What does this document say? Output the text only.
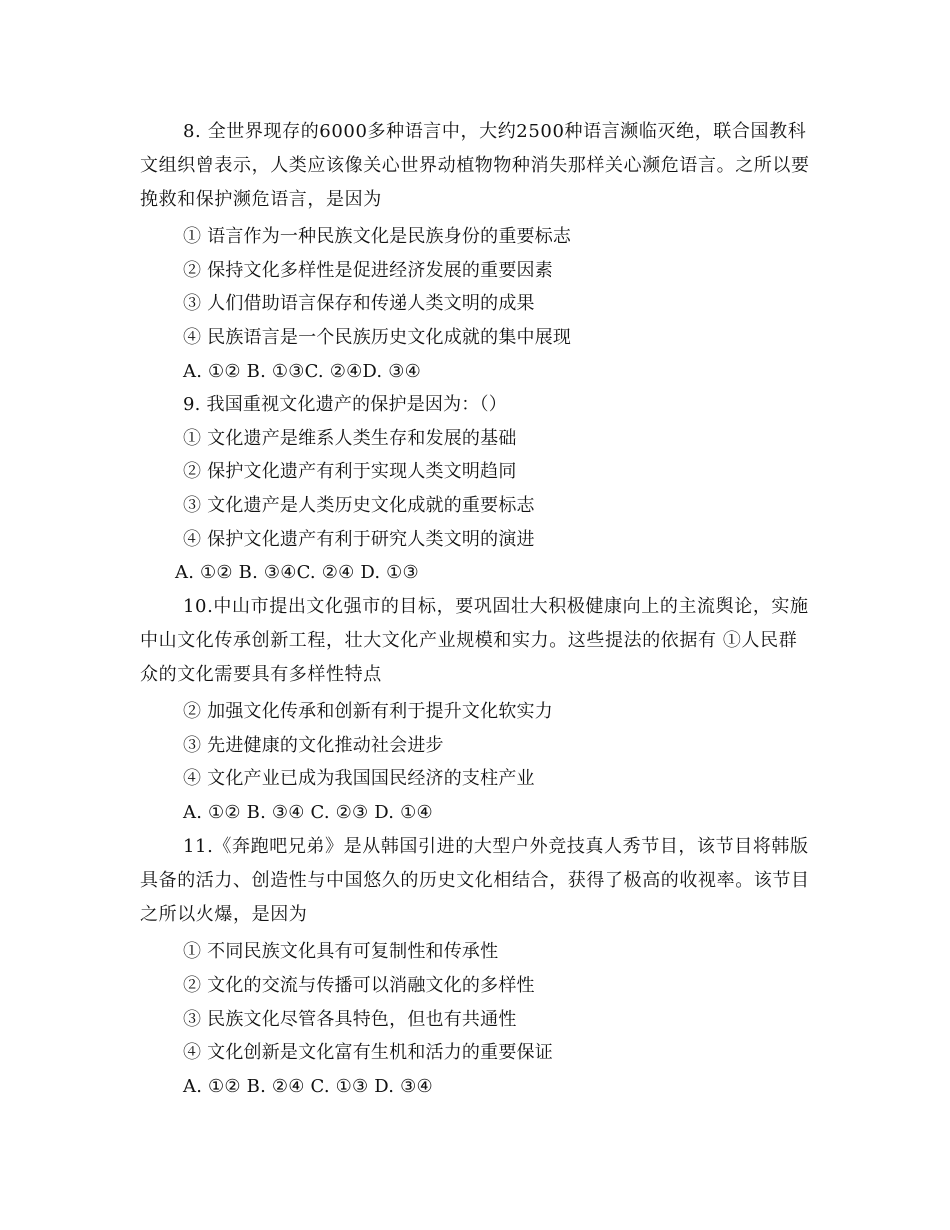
8. 全世界现存的6000多种语言中，大约2500种语言濒临灭绝，联合国教科文组织曾表示，人类应该像关心世界动植物物种消失那样关心濒危语言。之所以要挽救和保护濒危语言，是因为
① 语言作为一种民族文化是民族身份的重要标志
② 保持文化多样性是促进经济发展的重要因素
③ 人们借助语言保存和传递人类文明的成果
④ 民族语言是一个民族历史文化成就的集中展现
A. ①② B. ①③C. ②④D. ③④
9. 我国重视文化遗产的保护是因为：（）
① 文化遗产是维系人类生存和发展的基础
② 保护文化遗产有利于实现人类文明趋同
③ 文化遗产是人类历史文化成就的重要标志
④ 保护文化遗产有利于研究人类文明的演进
A. ①② B. ③④C. ②④ D. ①③
10.中山市提出文化强市的目标，要巩固壮大积极健康向上的主流舆论，实施中山文化传承创新工程，壮大文化产业规模和实力。这些提法的依据有 ①人民群众的文化需要具有多样性特点
② 加强文化传承和创新有利于提升文化软实力
③ 先进健康的文化推动社会进步
④ 文化产业已成为我国国民经济的支柱产业
A. ①② B. ③④ C. ②③ D. ①④
11.《奔跑吧兄弟》是从韩国引进的大型户外竞技真人秀节目，该节目将韩版具备的活力、创造性与中国悠久的历史文化相结合，获得了极高的收视率。该节目之所以火爆，是因为
① 不同民族文化具有可复制性和传承性
② 文化的交流与传播可以消融文化的多样性
③ 民族文化尽管各具特色，但也有共通性
④ 文化创新是文化富有生机和活力的重要保证
A. ①② B. ②④ C. ①③ D. ③④
